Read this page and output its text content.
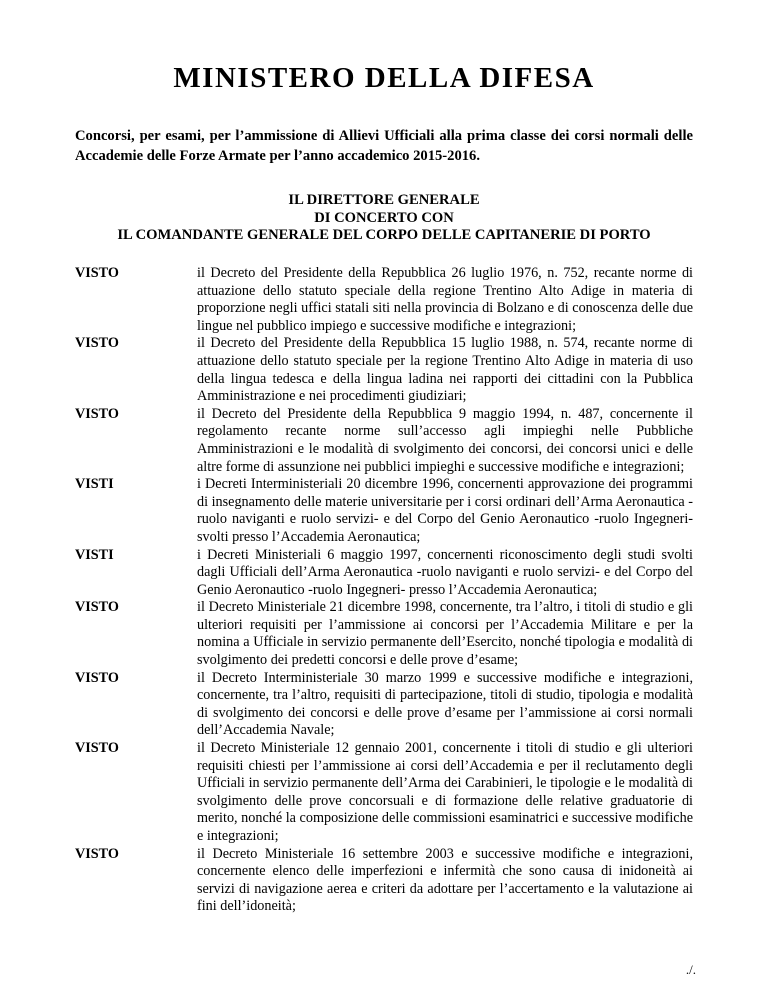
MINISTERO DELLA DIFESA
Concorsi, per esami, per l’ammissione di Allievi Ufficiali alla prima classe dei corsi normali delle Accademie delle Forze Armate per l’anno accademico 2015-2016.
IL DIRETTORE GENERALE
DI CONCERTO CON
IL COMANDANTE GENERALE DEL CORPO DELLE CAPITANERIE DI PORTO
VISTO	il Decreto del Presidente della Repubblica 26 luglio 1976, n. 752, recante norme di attuazione dello statuto speciale della regione Trentino Alto Adige in materia di proporzione negli uffici statali siti nella provincia di Bolzano e di conoscenza delle due lingue nel pubblico impiego e successive modifiche e integrazioni;
VISTO	il Decreto del Presidente della Repubblica 15 luglio 1988, n. 574, recante norme di attuazione dello statuto speciale per la regione Trentino Alto Adige in materia di uso della lingua tedesca e della lingua ladina nei rapporti dei cittadini con la Pubblica Amministrazione e nei procedimenti giudiziari;
VISTO	il Decreto del Presidente della Repubblica 9 maggio 1994, n. 487, concernente il regolamento recante norme sull’accesso agli impieghi nelle Pubbliche Amministrazioni e le modalità di svolgimento dei concorsi, dei concorsi unici e delle altre forme di assunzione nei pubblici impieghi e successive modifiche e integrazioni;
VISTI	i Decreti Interministeriali 20 dicembre 1996, concernenti approvazione dei programmi di insegnamento delle materie universitarie per i corsi ordinari dell’Arma Aeronautica -ruolo naviganti e ruolo servizi- e del Corpo del Genio Aeronautico -ruolo Ingegneri- svolti presso l’Accademia Aeronautica;
VISTI	i Decreti Ministeriali 6 maggio 1997, concernenti riconoscimento degli studi svolti dagli Ufficiali dell’Arma Aeronautica -ruolo naviganti e ruolo servizi- e del Corpo del Genio Aeronautico -ruolo Ingegneri- presso l’Accademia Aeronautica;
VISTO	il Decreto Ministeriale 21 dicembre 1998, concernente, tra l’altro, i titoli di studio e gli ulteriori requisiti per l’ammissione ai concorsi per l’Accademia Militare e per la nomina a Ufficiale in servizio permanente dell’Esercito, nonché tipologia e modalità di svolgimento dei predetti concorsi e delle prove d’esame;
VISTO	il Decreto Interministeriale 30 marzo 1999 e successive modifiche e integrazioni, concernente, tra l’altro, requisiti di partecipazione, titoli di studio, tipologia e modalità di svolgimento dei concorsi e delle prove d’esame per l’ammissione ai corsi normali dell’Accademia Navale;
VISTO	il Decreto Ministeriale 12 gennaio 2001, concernente i titoli di studio e gli ulteriori requisiti chiesti per l’ammissione ai corsi dell’Accademia e per il reclutamento degli Ufficiali in servizio permanente dell’Arma dei Carabinieri, le tipologie e le modalità di svolgimento delle prove concorsuali e di formazione delle relative graduatorie di merito, nonché la composizione delle commissioni esaminatrici e successive modifiche e integrazioni;
VISTO	il Decreto Ministeriale 16 settembre 2003 e successive modifiche e integrazioni, concernente elenco delle imperfezioni e infermità che sono causa di inidoneità ai servizi di navigazione aerea e criteri da adottare per l’accertamento e la valutazione ai fini dell’idoneità;
./.
